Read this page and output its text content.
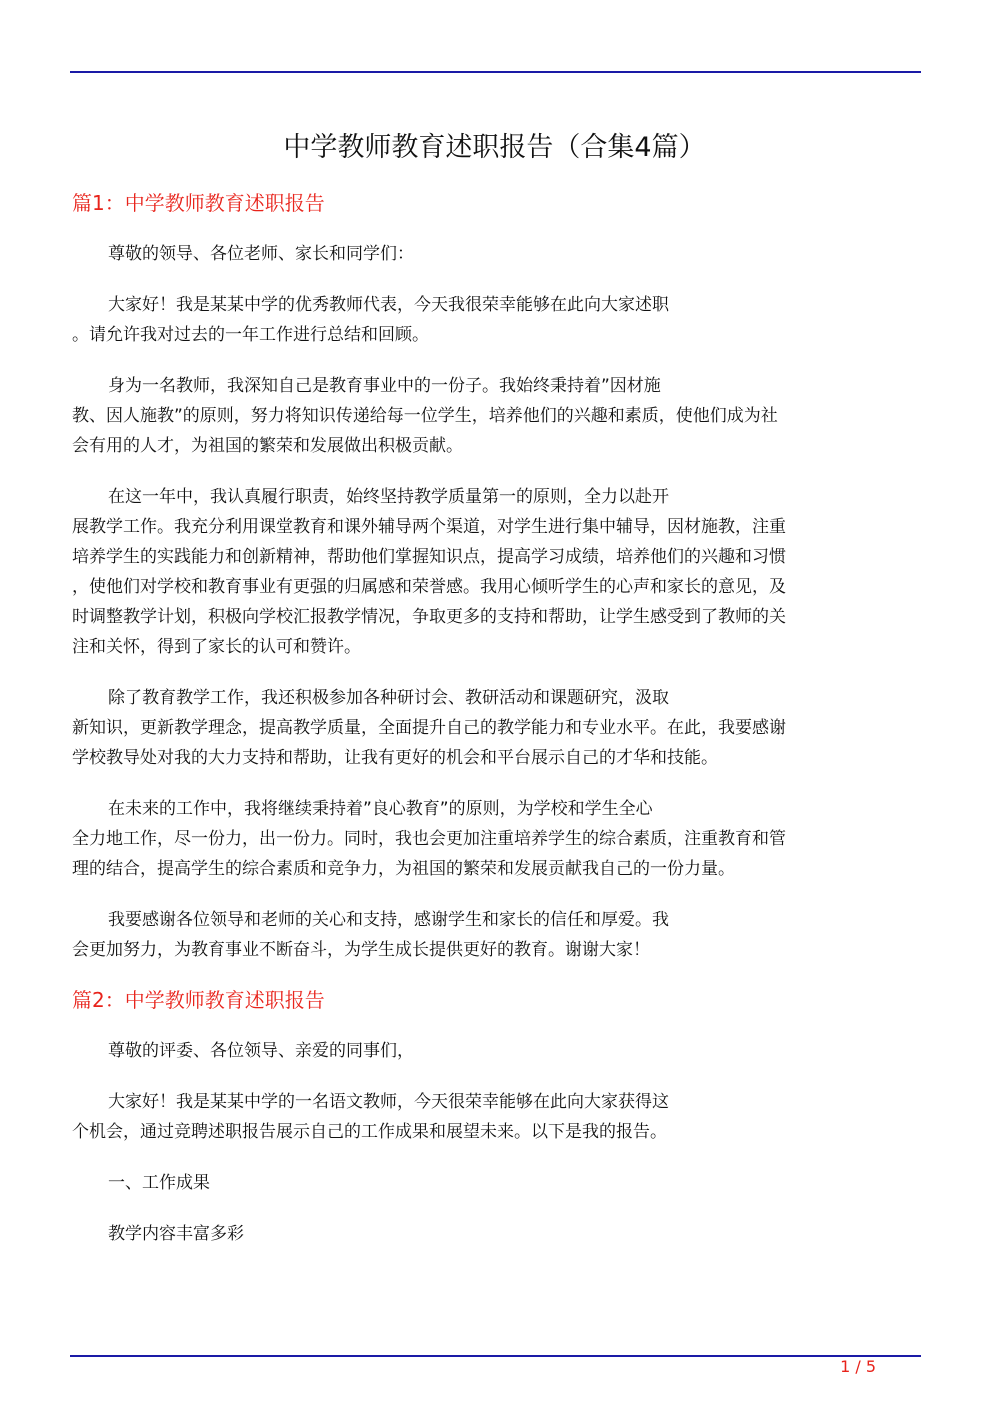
中学教师教育述职报告（合集4篇）
篇1：中学教师教育述职报告
尊敬的领导、各位老师、家长和同学们：
大家好！我是某某中学的优秀教师代表，今天我很荣幸能够在此向大家述职
。请允许我对过去的一年工作进行总结和回顾。
身为一名教师，我深知自己是教育事业中的一份子。我始终秉持着”因材施
教、因人施教”的原则，努力将知识传递给每一位学生，培养他们的兴趣和素质，使他们成为社
会有用的人才，为祖国的繁荣和发展做出积极贡献。
在这一年中，我认真履行职责，始终坚持教学质量第一的原则，全力以赴开
展教学工作。我充分利用课堂教育和课外辅导两个渠道，对学生进行集中辅导，因材施教，注重
培养学生的实践能力和创新精神，帮助他们掌握知识点，提高学习成绩，培养他们的兴趣和习惯
，使他们对学校和教育事业有更强的归属感和荣誉感。我用心倾听学生的心声和家长的意见，及
时调整教学计划，积极向学校汇报教学情况，争取更多的支持和帮助，让学生感受到了教师的关
注和关怀，得到了家长的认可和赞许。
除了教育教学工作，我还积极参加各种研讨会、教研活动和课题研究，汲取
新知识，更新教学理念，提高教学质量，全面提升自己的教学能力和专业水平。在此，我要感谢
学校教导处对我的大力支持和帮助，让我有更好的机会和平台展示自己的才华和技能。
在未来的工作中，我将继续秉持着”良心教育”的原则，为学校和学生全心
全力地工作，尽一份力，出一份力。同时，我也会更加注重培养学生的综合素质，注重教育和管
理的结合，提高学生的综合素质和竞争力，为祖国的繁荣和发展贡献我自己的一份力量。
我要感谢各位领导和老师的关心和支持，感谢学生和家长的信任和厚爱。我
会更加努力，为教育事业不断奋斗，为学生成长提供更好的教育。谢谢大家！
篇2：中学教师教育述职报告
尊敬的评委、各位领导、亲爱的同事们，
大家好！我是某某中学的一名语文教师，今天很荣幸能够在此向大家获得这
个机会，通过竞聘述职报告展示自己的工作成果和展望未来。以下是我的报告。
一、工作成果
教学内容丰富多彩
1 / 5
